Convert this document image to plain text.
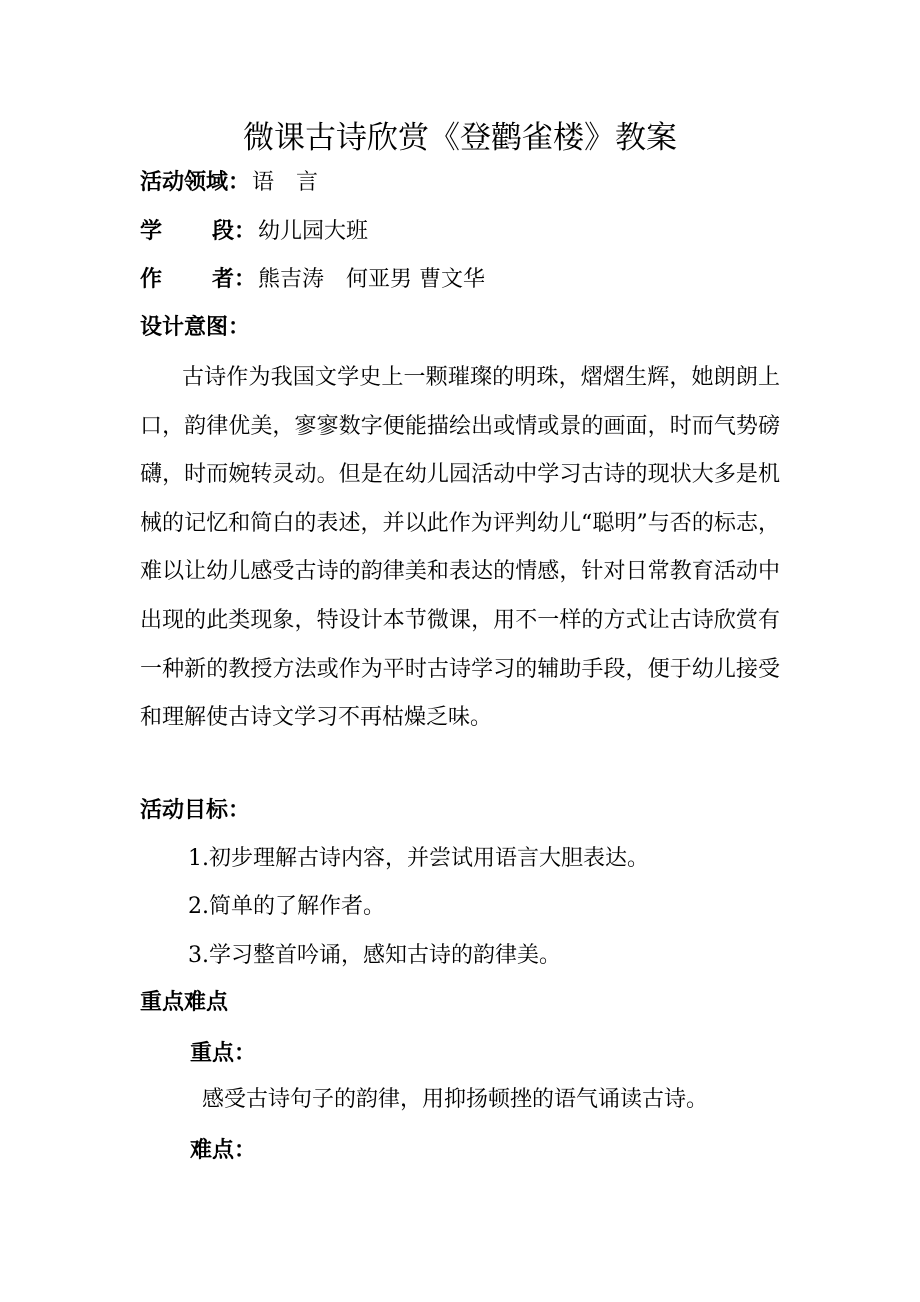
微课古诗欣赏《登鹳雀楼》教案
活动领域：语　言
学 段：幼儿园大班
作 者：熊吉涛　何亚男 曹文华
设计意图：
古诗作为我国文学史上一颗璀璨的明珠，熠熠生辉，她朗朗上口，韵律优美，寥寥数字便能描绘出或情或景的画面，时而气势磅礴，时而婉转灵动。但是在幼儿园活动中学习古诗的现状大多是机械的记忆和简白的表述，并以此作为评判幼儿“聪明”与否的标志，难以让幼儿感受古诗的韵律美和表达的情感，针对日常教育活动中出现的此类现象，特设计本节微课，用不一样的方式让古诗欣赏有一种新的教授方法或作为平时古诗学习的辅助手段，便于幼儿接受和理解使古诗文学习不再枯燥乏味。
活动目标：
1.初步理解古诗内容，并尝试用语言大胆表达。
2.简单的了解作者。
3.学习整首吟诵，感知古诗的韵律美。
重点难点
重点：
感受古诗句子的韵律，用抑扬顿挫的语气诵读古诗。
难点：
